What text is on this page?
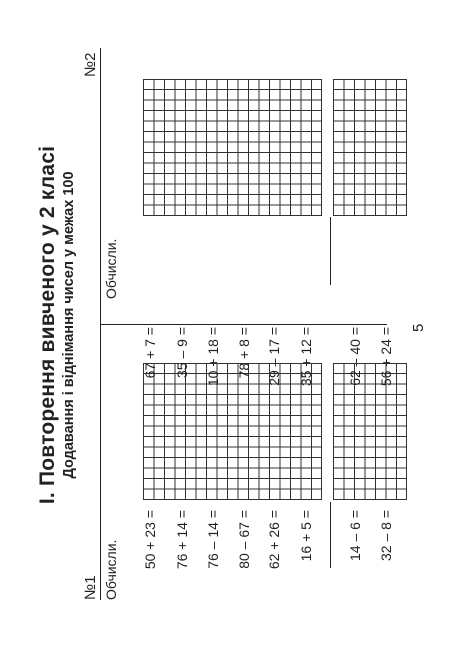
І. Повторення вивченого у 2 класі Додавання і віднімання чисел у межах 100
№1 Обчисли.
№2
Обчисли.
50 + 23 = 76 + 14 = 76 – 14 = 80 – 67 = 62 + 26 = 16 + 5 = 14 – 6 = 32 – 8 =
67 + 7 = 35 – 9 = 10 + 18 = 78 + 8 = 29 – 17 = 35 + 12 = 62 – 40 = 56 + 24 = 5
